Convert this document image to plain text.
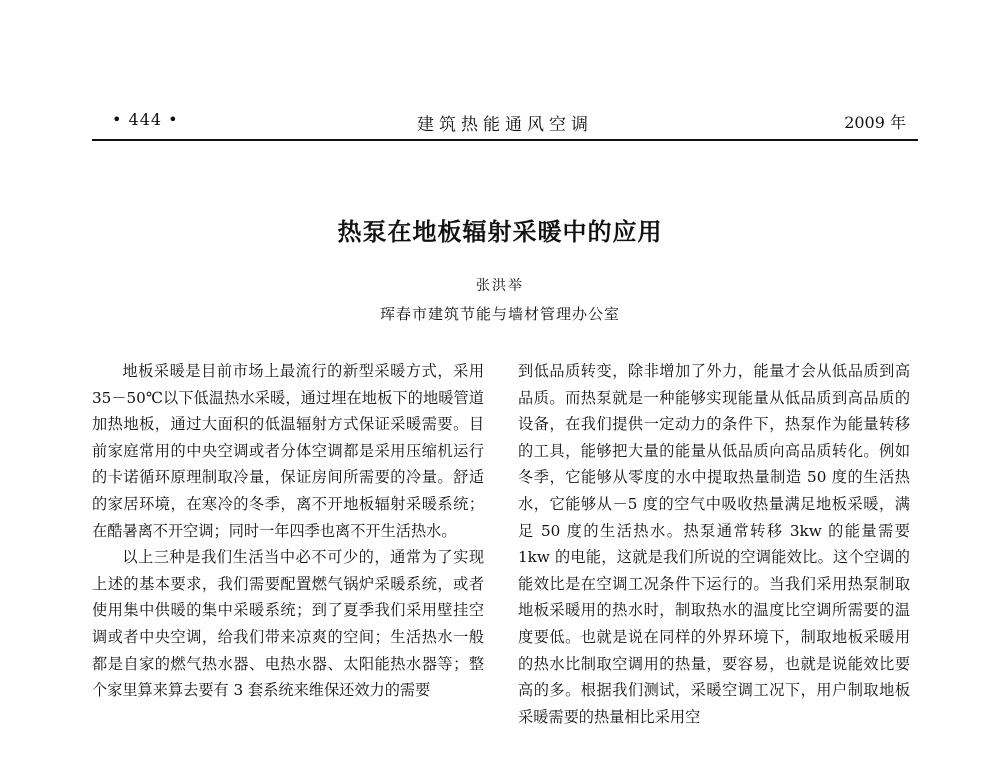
• 444 •	建筑热能通风空调	2009 年
热泵在地板辐射采暖中的应用
张洪举
珲春市建筑节能与墙材管理办公室

地板采暖是目前市场上最流行的新型采暖方式，采用 35－50℃以下低温热水采暖，通过埋在地板下的地暖管道加热地板，通过大面积的低温辐射方式保证采暖需要。目前家庭常用的中央空调或者分体空调都是采用压缩机运行的卡诺循环原理制取冷量，保证房间所需要的冷量。舒适的家居环境，在寒冷的冬季，离不开地板辐射采暖系统；在酷暑离不开空调；同时一年四季也离不开生活热水。

以上三种是我们生活当中必不可少的，通常为了实现上述的基本要求，我们需要配置燃气锅炉采暖系统，或者使用集中供暖的集中采暖系统；到了夏季我们采用壁挂空调或者中央空调，给我们带来凉爽的空间；生活热水一般都是自家的燃气热水器、电热水器、太阳能热水器等；整个家里算来算去要有 3 套系统来维保还效力的需要

到低品质转变，除非增加了外力，能量才会从低品质到高品质。而热泵就是一种能够实现能量从低品质到高品质的设备，在我们提供一定动力的条件下，热泵作为能量转移的工具，能够把大量的能量从低品质向高品质转化。例如冬季，它能够从零度的水中提取热量制造 50 度的生活热水，它能够从－5 度的空气中吸收热量满足地板采暖，满足 50 度的生活热水。热泵通常转移 3kw 的能量需要 1kw 的电能，这就是我们所说的空调能效比。这个空调的能效比是在空调工况条件下运行的。当我们采用热泵制取地板采暖用的热水时，制取热水的温度比空调所需要的温度要低。也就是说在同样的外界环境下，制取地板采暖用的热水比制取空调用的热量，要容易，也就是说能效比要高的多。根据我们测试，采暖空调工况下，用户制取地板采暖需要的热量相比采用空
